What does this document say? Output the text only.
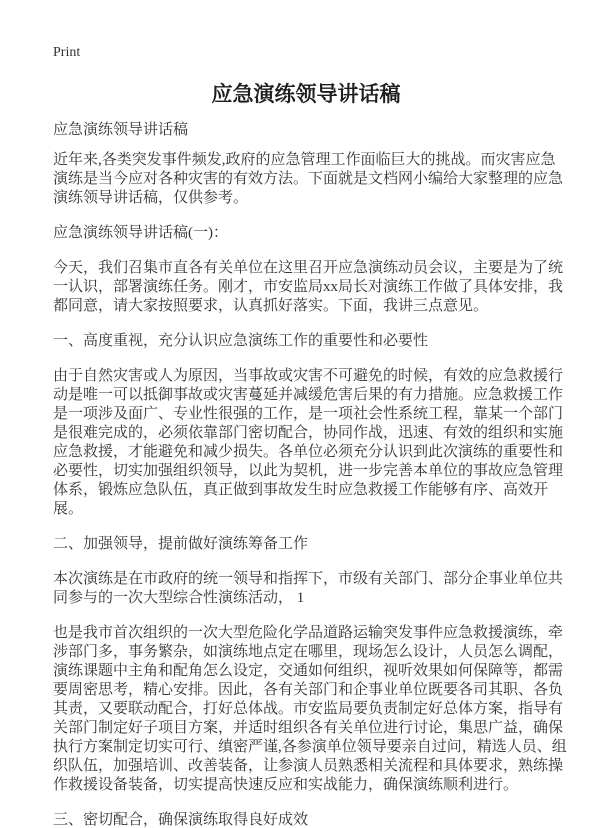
Print
应急演练领导讲话稿

应急演练领导讲话稿

近年来,各类突发事件频发,政府的应急管理工作面临巨大的挑战。而灾害应急演练是当今应对各种灾害的有效方法。下面就是文档网小编给大家整理的应急演练领导讲话稿，仅供参考。

应急演练领导讲话稿(一)：

今天，我们召集市直各有关单位在这里召开应急演练动员会议，主要是为了统一认识，部署演练任务。刚才，市安监局xx局长对演练工作做了具体安排，我都同意，请大家按照要求，认真抓好落实。下面，我讲三点意见。

一、高度重视，充分认识应急演练工作的重要性和必要性

由于自然灾害或人为原因，当事故或灾害不可避免的时候，有效的应急救援行动是唯一可以抵御事故或灾害蔓延并减缓危害后果的有力措施。应急救援工作是一项涉及面广、专业性很强的工作，是一项社会性系统工程，靠某一个部门是很难完成的，必须依靠部门密切配合，协同作战，迅速、有效的组织和实施应急救援，才能避免和减少损失。各单位必须充分认识到此次演练的重要性和必要性，切实加强组织领导，以此为契机，进一步完善本单位的事故应急管理体系，锻炼应急队伍，真正做到事故发生时应急救援工作能够有序、高效开展。

二、加强领导，提前做好演练筹备工作

本次演练是在市政府的统一领导和指挥下，市级有关部门、部分企事业单位共同参与的一次大型综合性演练活动， 1

也是我市首次组织的一次大型危险化学品道路运输突发事件应急救援演练，牵涉部门多，事务繁杂，如演练地点定在哪里，现场怎么设计，人员怎么调配，演练课题中主角和配角怎么设定，交通如何组织，视听效果如何保障等，都需要周密思考，精心安排。因此，各有关部门和企事业单位既要各司其职、各负其责，又要联动配合，打好总体战。市安监局要负责制定好总体方案，指导有关部门制定好子项目方案，并适时组织各有关单位进行讨论，集思广益，确保执行方案制定切实可行、缜密严谨,各参演单位领导要亲自过问，精选人员、组织队伍，加强培训、改善装备，让参演人员熟悉相关流程和具体要求，熟练操作救援设备装备，切实提高快速反应和实战能力，确保演练顺利进行。

三、密切配合，确保演练取得良好成效
